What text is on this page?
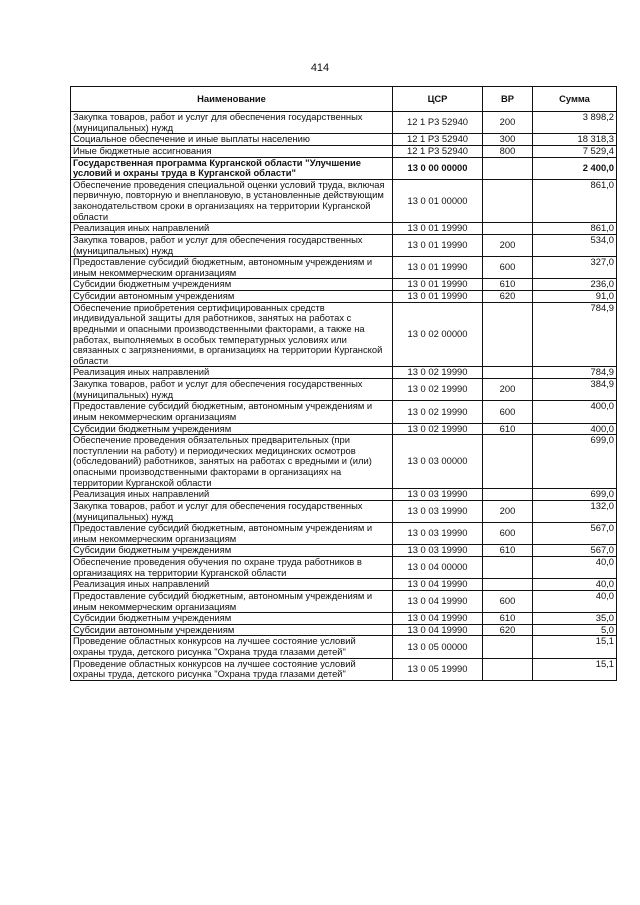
414
Наименование	ЦСР	ВР	Сумма
Закупка товаров, работ и услуг для обеспечения государственных (муниципальных) нужд	12 1 Р3 52940	200	3 898,2
Социальное обеспечение и иные выплаты населению	12 1 Р3 52940	300	18 318,3
Иные бюджетные ассигнования	12 1 Р3 52940	800	7 529,4
Государственная программа Курганской области "Улучшение условий и охраны труда в Курганской области"	13 0 00 00000		2 400,0
Обеспечение проведения специальной оценки условий труда, включая первичную, повторную и внеплановую, в установленные действующим законодательством сроки в организациях на территории Курганской области	13 0 01 00000		861,0
Реализация иных направлений	13 0 01 19990		861,0
Закупка товаров, работ и услуг для обеспечения государственных (муниципальных) нужд	13 0 01 19990	200	534,0
Предоставление субсидий бюджетным, автономным учреждениям и иным некоммерческим организациям	13 0 01 19990	600	327,0
Субсидии бюджетным учреждениям	13 0 01 19990	610	236,0
Субсидии автономным учреждениям	13 0 01 19990	620	91,0
Обеспечение приобретения сертифицированных средств индивидуальной защиты для работников, занятых на работах с вредными и опасными производственными факторами, а также на работах, выполняемых в особых температурных условиях или связанных с загрязнениями, в организациях на территории Курганской области	13 0 02 00000		784,9
Реализация иных направлений	13 0 02 19990		784,9
Закупка товаров, работ и услуг для обеспечения государственных (муниципальных) нужд	13 0 02 19990	200	384,9
Предоставление субсидий бюджетным, автономным учреждениям и иным некоммерческим организациям	13 0 02 19990	600	400,0
Субсидии бюджетным учреждениям	13 0 02 19990	610	400,0
Обеспечение проведения обязательных предварительных (при поступлении на работу) и периодических медицинских осмотров (обследований) работников, занятых на работах с вредными и (или) опасными производственными факторами в организациях на территории Курганской области	13 0 03 00000		699,0
Реализация иных направлений	13 0 03 19990		699,0
Закупка товаров, работ и услуг для обеспечения государственных (муниципальных) нужд	13 0 03 19990	200	132,0
Предоставление субсидий бюджетным, автономным учреждениям и иным некоммерческим организациям	13 0 03 19990	600	567,0
Субсидии бюджетным учреждениям	13 0 03 19990	610	567,0
Обеспечение проведения обучения по охране труда работников в организациях на территории Курганской области	13 0 04 00000		40,0
Реализация иных направлений	13 0 04 19990		40,0
Предоставление субсидий бюджетным, автономным учреждениям и иным некоммерческим организациям	13 0 04 19990	600	40,0
Субсидии бюджетным учреждениям	13 0 04 19990	610	35,0
Субсидии автономным учреждениям	13 0 04 19990	620	5,0
Проведение областных конкурсов на лучшее состояние условий охраны труда, детского рисунка "Охрана труда глазами детей"	13 0 05 00000		15,1
Проведение областных конкурсов на лучшее состояние условий охраны труда, детского рисунка "Охрана труда глазами детей"	13 0 05 19990		15,1
